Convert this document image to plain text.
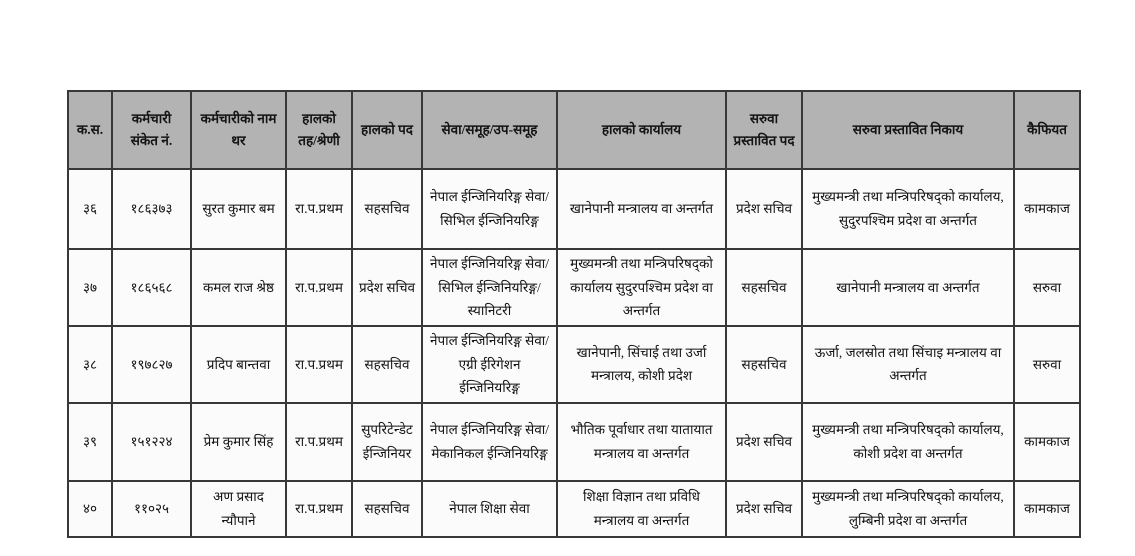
क.स.	कर्मचारी संकेत नं.	कर्मचारीको नाम थर	हालको तह/श्रेणी	हालको पद	सेवा/समूह/उप-समूह	हालको कार्यालय	सरुवा प्रस्तावित पद	सरुवा प्रस्तावित निकाय	कैफियत
३६	१८६३७३	सुरत कुमार बम	रा.प.प्रथम	सहसचिव	नेपाल ईन्जिनियरिङ्ग सेवा/सिभिल ईन्जिनियरिङ्ग	खानेपानी मन्त्रालय वा अन्तर्गत	प्रदेश सचिव	मुख्यमन्त्री तथा मन्त्रिपरिषद्को कार्यालय, सुदुरपश्चिम प्रदेश वा अन्तर्गत	कामकाज
३७	१८६५६८	कमल राज श्रेष्ठ	रा.प.प्रथम	प्रदेश सचिव	नेपाल ईन्जिनियरिङ्ग सेवा/सिभिल ईन्जिनियरिङ्ग/स्यानिटरी	मुख्यमन्त्री तथा मन्त्रिपरिषद्को कार्यालय सुदुरपश्चिम प्रदेश वा अन्तर्गत	सहसचिव	खानेपानी मन्त्रालय वा अन्तर्गत	सरुवा
३८	१९७८२७	प्रदिप बान्तवा	रा.प.प्रथम	सहसचिव	नेपाल ईन्जिनियरिङ्ग सेवा/एग्री ईरिगेशन ईन्जिनियरिङ्ग	खानेपानी, सिंचाई तथा उर्जा मन्त्रालय, कोशी प्रदेश	सहसचिव	ऊर्जा, जलस्रोत तथा सिंचाइ मन्त्रालय वा अन्तर्गत	सरुवा
३९	१५१२२४	प्रेम कुमार सिंह	रा.प.प्रथम	सुपरिटेन्डेट ईन्जिनियर	नेपाल ईन्जिनियरिङ्ग सेवा/मेकानिकल ईन्जिनियरिङ्ग	भौतिक पूर्वाधार तथा यातायात मन्त्रालय वा अन्तर्गत	प्रदेश सचिव	मुख्यमन्त्री तथा मन्त्रिपरिषद्को कार्यालय, कोशी प्रदेश वा अन्तर्गत	कामकाज
४०	११०२५	अण प्रसाद न्यौपाने	रा.प.प्रथम	सहसचिव	नेपाल शिक्षा सेवा	शिक्षा विज्ञान तथा प्रविधि मन्त्रालय वा अन्तर्गत	प्रदेश सचिव	मुख्यमन्त्री तथा मन्त्रिपरिषद्को कार्यालय, लुम्बिनी प्रदेश वा अन्तर्गत	कामकाज
